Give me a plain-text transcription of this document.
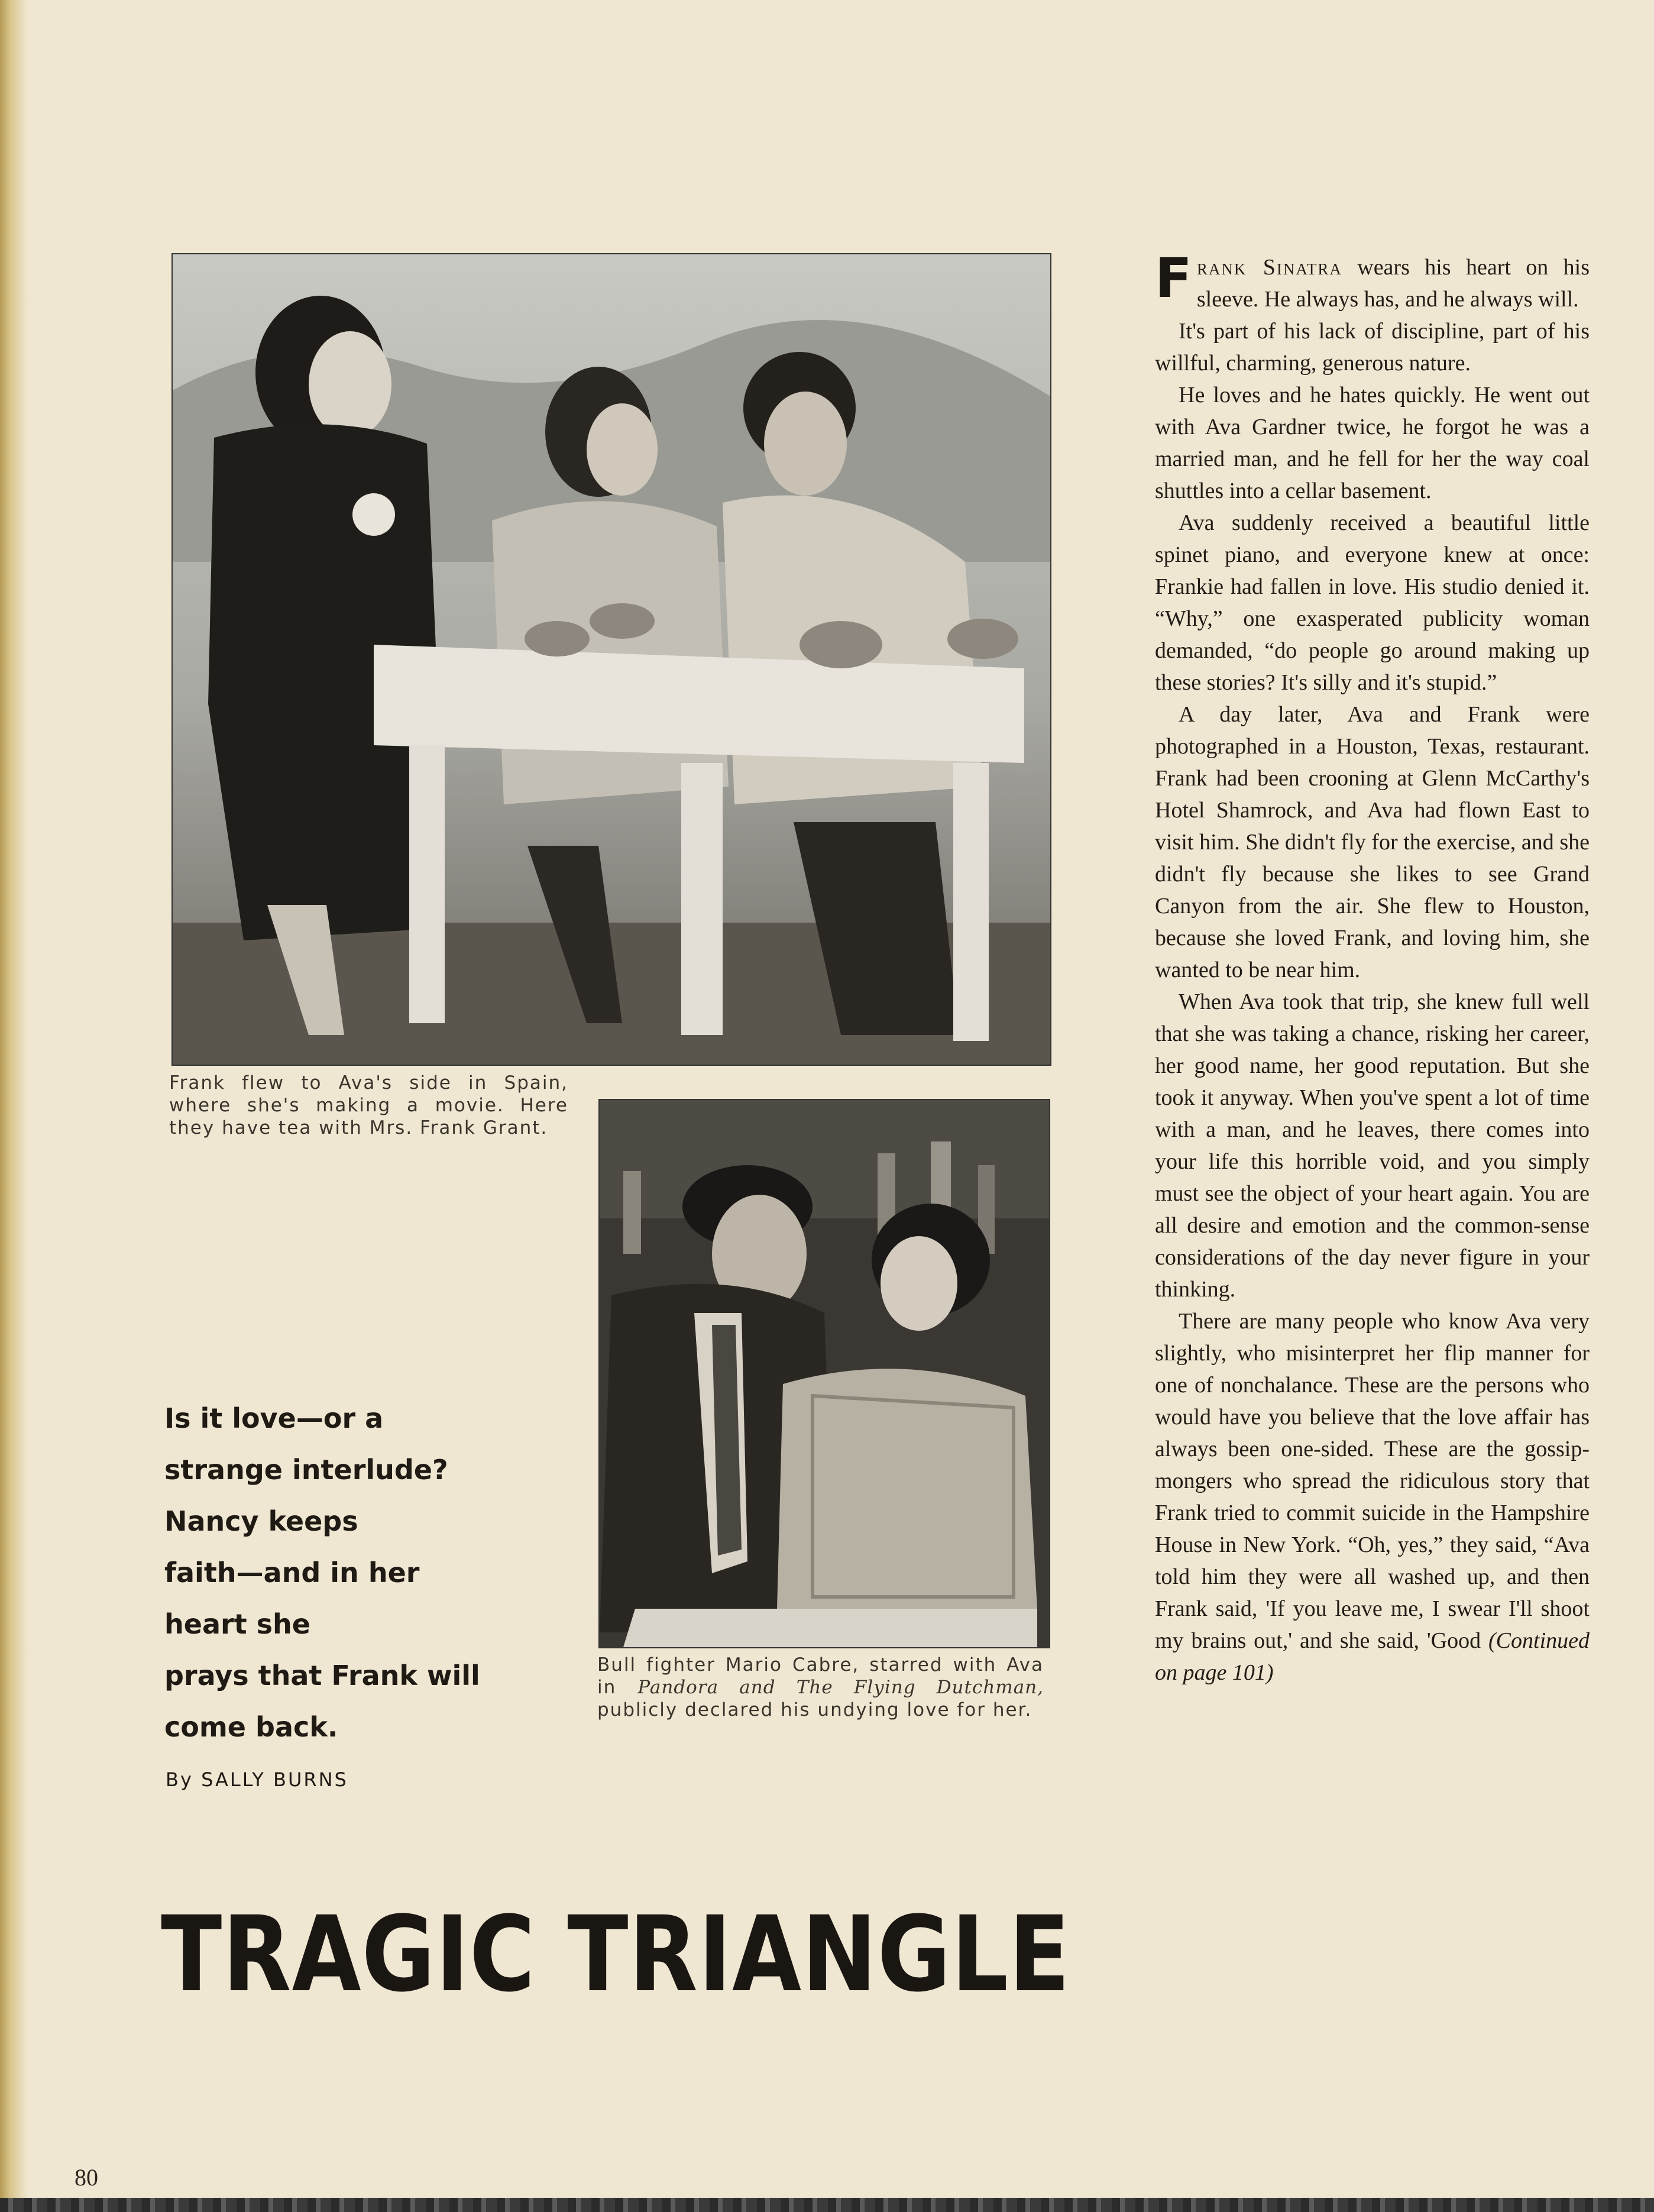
Frank flew to Ava's side in Spain, where she's making a movie. Here they have tea with Mrs. Frank Grant.

Bull fighter Mario Cabre, starred with Ava in Pandora and The Flying Dutchman, publicly declared his undying love for her.

Is it love—or a
strange interlude?
Nancy keeps
faith—and in her
heart she
prays that Frank will
come back.

By SALLY BURNS

TRAGIC TRIANGLE

Frank Sinatra wears his heart on his sleeve. He always has, and he always will.

It's part of his lack of discipline, part of his willful, charming, generous nature.

He loves and he hates quickly. He went out with Ava Gardner twice, he forgot he was a married man, and he fell for her the way coal shuttles into a cellar basement.

Ava suddenly received a beautiful little spinet piano, and everyone knew at once: Frankie had fallen in love. His studio denied it. “Why,” one exasperated publicity woman demanded, “do people go around making up these stories? It's silly and it's stupid.”

A day later, Ava and Frank were photographed in a Houston, Texas, restaurant. Frank had been crooning at Glenn McCarthy's Hotel Shamrock, and Ava had flown East to visit him. She didn't fly for the exercise, and she didn't fly because she likes to see Grand Canyon from the air. She flew to Houston, because she loved Frank, and loving him, she wanted to be near him.

When Ava took that trip, she knew full well that she was taking a chance, risking her career, her good name, her good reputation. But she took it anyway. When you've spent a lot of time with a man, and he leaves, there comes into your life this horrible void, and you simply must see the object of your heart again. You are all desire and emotion and the common-sense considerations of the day never figure in your thinking.

There are many people who know Ava very slightly, who misinterpret her flip manner for one of nonchalance. These are the persons who would have you believe that the love affair has always been one-sided. These are the gossip-mongers who spread the ridiculous story that Frank tried to commit suicide in the Hampshire House in New York. “Oh, yes,” they said, “Ava told him they were all washed up, and then Frank said, 'If you leave me, I swear I'll shoot my brains out,' and she said, 'Good (Continued on page 101)

80
